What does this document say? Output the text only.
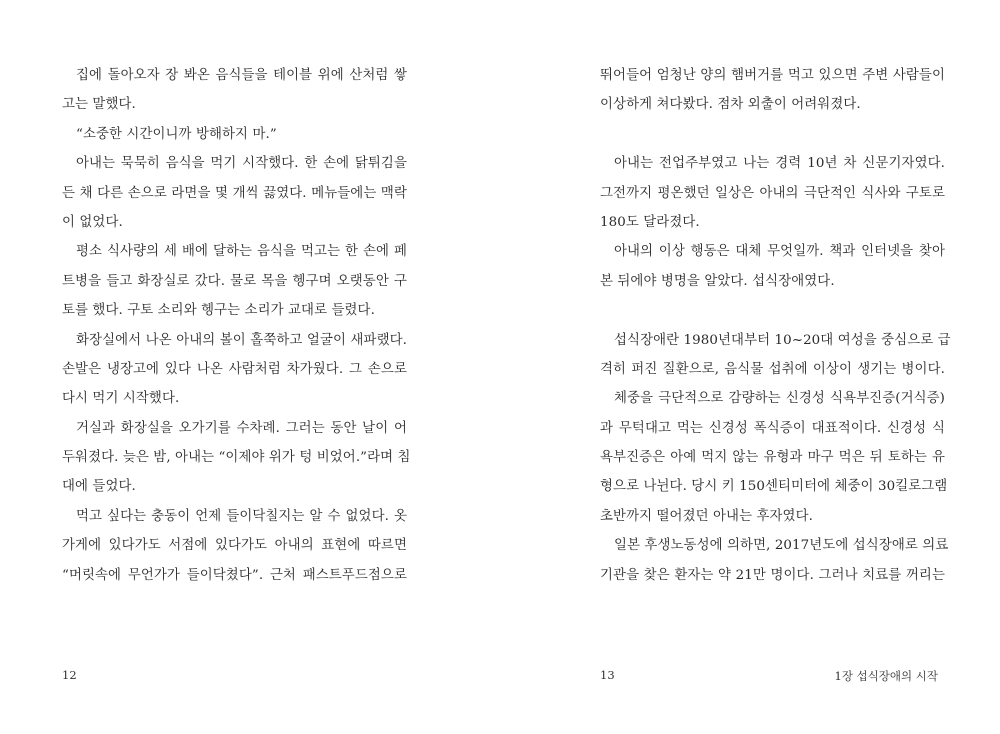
집에 돌아오자 장 봐온 음식들을 테이블 위에 산처럼 쌓
고는 말했다.
“소중한 시간이니까 방해하지 마.”
아내는 묵묵히 음식을 먹기 시작했다. 한 손에 닭튀김을
든 채 다른 손으로 라면을 몇 개씩 끓였다. 메뉴들에는 맥락
이 없었다.
평소 식사량의 세 배에 달하는 음식을 먹고는 한 손에 페
트병을 들고 화장실로 갔다. 물로 목을 헹구며 오랫동안 구
토를 했다. 구토 소리와 헹구는 소리가 교대로 들렸다.
화장실에서 나온 아내의 볼이 홀쭉하고 얼굴이 새파랬다.
손발은 냉장고에 있다 나온 사람처럼 차가웠다. 그 손으로
다시 먹기 시작했다.
거실과 화장실을 오가기를 수차례. 그러는 동안 날이 어
두워졌다. 늦은 밤, 아내는 “이제야 위가 텅 비었어.”라며 침
대에 들었다.
먹고 싶다는 충동이 언제 들이닥칠지는 알 수 없었다. 옷
가게에 있다가도 서점에 있다가도 아내의 표현에 따르면
“머릿속에 무언가가 들이닥쳤다”. 근처 패스트푸드점으로
12
뛰어들어 엄청난 양의 햄버거를 먹고 있으면 주변 사람들이
이상하게 쳐다봤다. 점차 외출이 어려워졌다.
아내는 전업주부였고 나는 경력 10년 차 신문기자였다.
그전까지 평온했던 일상은 아내의 극단적인 식사와 구토로
180도 달라졌다.
아내의 이상 행동은 대체 무엇일까. 책과 인터넷을 찾아
본 뒤에야 병명을 알았다. 섭식장애였다.
섭식장애란 1980년대부터 10~20대 여성을 중심으로 급
격히 퍼진 질환으로, 음식물 섭취에 이상이 생기는 병이다.
체중을 극단적으로 감량하는 신경성 식욕부진증(거식증)
과 무턱대고 먹는 신경성 폭식증이 대표적이다. 신경성 식
욕부진증은 아예 먹지 않는 유형과 마구 먹은 뒤 토하는 유
형으로 나뉜다. 당시 키 150센티미터에 체중이 30킬로그램
초반까지 떨어졌던 아내는 후자였다.
일본 후생노동성에 의하면, 2017년도에 섭식장애로 의료
기관을 찾은 환자는 약 21만 명이다. 그러나 치료를 꺼리는
13	1장 섭식장애의 시작
